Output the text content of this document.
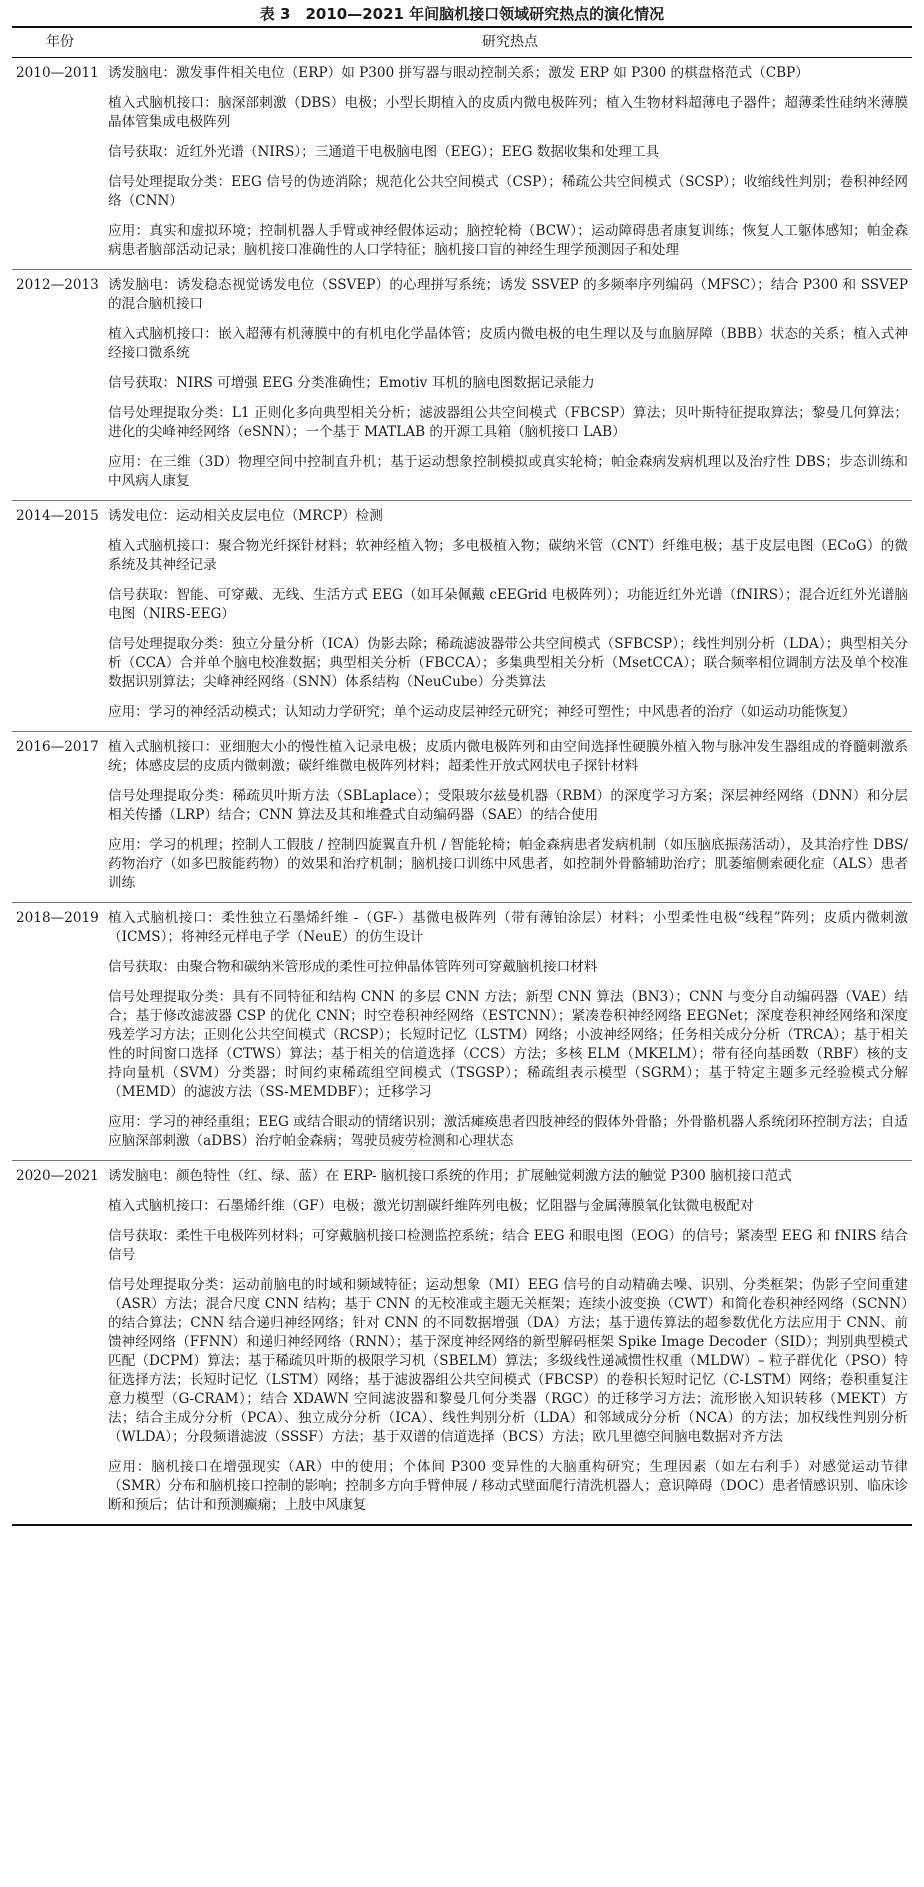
表 3　2010—2021 年间脑机接口领域研究热点的演化情况
年份	研究热点
2010—2011	诱发脑电：激发事件相关电位（ERP）如 P300 拼写器与眼动控制关系；激发 ERP 如 P300 的棋盘格范式（CBP）
植入式脑机接口：脑深部刺激（DBS）电极；小型长期植入的皮质内微电极阵列；植入生物材料超薄电子器件；超薄柔性硅纳米薄膜晶体管集成电极阵列
信号获取：近红外光谱（NIRS）；三通道干电极脑电图（EEG）；EEG 数据收集和处理工具
信号处理提取分类：EEG 信号的伪迹消除；规范化公共空间模式（CSP）；稀疏公共空间模式（SCSP）；收缩线性判别；卷积神经网络（CNN）
应用：真实和虚拟环境；控制机器人手臂或神经假体运动；脑控轮椅（BCW）；运动障碍患者康复训练；恢复人工躯体感知；帕金森病患者脑部活动记录；脑机接口准确性的人口学特征；脑机接口盲的神经生理学预测因子和处理

2012—2013	诱发脑电：诱发稳态视觉诱发电位（SSVEP）的心理拼写系统；诱发 SSVEP 的多频率序列编码（MFSC）；结合 P300 和 SSVEP 的混合脑机接口
植入式脑机接口：嵌入超薄有机薄膜中的有机电化学晶体管；皮质内微电极的电生理以及与血脑屏障（BBB）状态的关系；植入式神经接口微系统
信号获取：NIRS 可增强 EEG 分类准确性；Emotiv 耳机的脑电图数据记录能力
信号处理提取分类：L1 正则化多向典型相关分析；滤波器组公共空间模式（FBCSP）算法；贝叶斯特征提取算法；黎曼几何算法；进化的尖峰神经网络（eSNN）；一个基于 MATLAB 的开源工具箱（脑机接口 LAB）
应用：在三维（3D）物理空间中控制直升机；基于运动想象控制模拟或真实轮椅；帕金森病发病机理以及治疗性 DBS；步态训练和中风病人康复

2014—2015	诱发电位：运动相关皮层电位（MRCP）检测
植入式脑机接口：聚合物光纤探针材料；软神经植入物；多电极植入物；碳纳米管（CNT）纤维电极；基于皮层电图（ECoG）的微系统及其神经记录
信号获取：智能、可穿戴、无线、生活方式 EEG（如耳朵佩戴 cEEGrid 电极阵列）；功能近红外光谱（fNIRS）；混合近红外光谱脑电图（NIRS-EEG）
信号处理提取分类：独立分量分析（ICA）伪影去除；稀疏滤波器带公共空间模式（SFBCSP）；线性判别分析（LDA）；典型相关分析（CCA）合并单个脑电校准数据；典型相关分析（FBCCA）；多集典型相关分析（MsetCCA）；联合频率相位调制方法及单个校准数据识别算法；尖峰神经网络（SNN）体系结构（NeuCube）分类算法
应用：学习的神经活动模式；认知动力学研究；单个运动皮层神经元研究；神经可塑性；中风患者的治疗（如运动功能恢复）

2016—2017	植入式脑机接口：亚细胞大小的慢性植入记录电极；皮质内微电极阵列和由空间选择性硬膜外植入物与脉冲发生器组成的脊髓刺激系统；体感皮层的皮质内微刺激；碳纤维微电极阵列材料；超柔性开放式网状电子探针材料
信号处理提取分类：稀疏贝叶斯方法（SBLaplace）；受限玻尔兹曼机器（RBM）的深度学习方案；深层神经网络（DNN）和分层相关传播（LRP）结合；CNN 算法及其和堆叠式自动编码器（SAE）的结合使用
应用：学习的机理；控制人工假肢 / 控制四旋翼直升机 / 智能轮椅；帕金森病患者发病机制（如压脑底振荡活动），及其治疗性 DBS/ 药物治疗（如多巴胺能药物）的效果和治疗机制；脑机接口训练中风患者，如控制外骨骼辅助治疗；肌萎缩侧索硬化症（ALS）患者训练

2018—2019	植入式脑机接口：柔性独立石墨烯纤维 -（GF-）基微电极阵列（带有薄铂涂层）材料；小型柔性电极“线程”阵列；皮质内微刺激（ICMS）；将神经元样电子学（NeuE）的仿生设计
信号获取：由聚合物和碳纳米管形成的柔性可拉伸晶体管阵列可穿戴脑机接口材料
信号处理提取分类：具有不同特征和结构 CNN 的多层 CNN 方法；新型 CNN 算法（BN3）；CNN 与变分自动编码器（VAE）结合；基于修改滤波器 CSP 的优化 CNN；时空卷积神经网络（ESTCNN）；紧凑卷积神经网络 EEGNet；深度卷积神经网络和深度残差学习方法；正则化公共空间模式（RCSP）；长短时记忆（LSTM）网络；小波神经网络；任务相关成分分析（TRCA）；基于相关性的时间窗口选择（CTWS）算法；基于相关的信道选择（CCS）方法；多核 ELM（MKELM）；带有径向基函数（RBF）核的支持向量机（SVM）分类器；时间约束稀疏组空间模式（TSGSP）；稀疏组表示模型（SGRM）；基于特定主题多元经验模式分解（MEMD）的滤波方法（SS-MEMDBF）；迁移学习
应用：学习的神经重组；EEG 或结合眼动的情绪识别；激活瘫痪患者四肢神经的假体外骨骼；外骨骼机器人系统闭环控制方法；自适应脑深部刺激（aDBS）治疗帕金森病；驾驶员疲劳检测和心理状态

2020—2021	诱发脑电：颜色特性（红、绿、蓝）在 ERP- 脑机接口系统的作用；扩展触觉刺激方法的触觉 P300 脑机接口范式
植入式脑机接口：石墨烯纤维（GF）电极；激光切割碳纤维阵列电极；忆阻器与金属薄膜氧化钛微电极配对
信号获取：柔性干电极阵列材料；可穿戴脑机接口检测监控系统；结合 EEG 和眼电图（EOG）的信号；紧凑型 EEG 和 fNIRS 结合信号
信号处理提取分类：运动前脑电的时域和频域特征；运动想象（MI）EEG 信号的自动精确去噪、识别、分类框架；伪影子空间重建（ASR）方法；混合尺度 CNN 结构；基于 CNN 的无校准或主题无关框架；连续小波变换（CWT）和简化卷积神经网络（SCNN）的结合算法；CNN 结合递归神经网络；针对 CNN 的不同数据增强（DA）方法；基于遗传算法的超参数优化方法应用于 CNN、前馈神经网络（FFNN）和递归神经网络（RNN）；基于深度神经网络的新型解码框架 Spike Image Decoder（SID）；判别典型模式匹配（DCPM）算法；基于稀疏贝叶斯的极限学习机（SBELM）算法；多级线性递减惯性权重（MLDW）– 粒子群优化（PSO）特征选择方法；长短时记忆（LSTM）网络；基于滤波器组公共空间模式（FBCSP）的卷积长短时记忆（C-LSTM）网络；卷积重复注意力模型（G-CRAM）；结合 XDAWN 空间滤波器和黎曼几何分类器（RGC）的迁移学习方法；流形嵌入知识转移（MEKT）方法；结合主成分分析（PCA）、独立成分分析（ICA）、线性判别分析（LDA）和邻域成分分析（NCA）的方法；加权线性判别分析（WLDA）；分段频谱滤波（SSSF）方法；基于双谱的信道选择（BCS）方法；欧几里德空间脑电数据对齐方法
应用：脑机接口在增强现实（AR）中的使用；个体间 P300 变异性的大脑重构研究；生理因素（如左右利手）对感觉运动节律（SMR）分布和脑机接口控制的影响；控制多方向手臂伸展 / 移动式壁面爬行清洗机器人；意识障碍（DOC）患者情感识别、临床诊断和预后；估计和预测癫痫；上肢中风康复
